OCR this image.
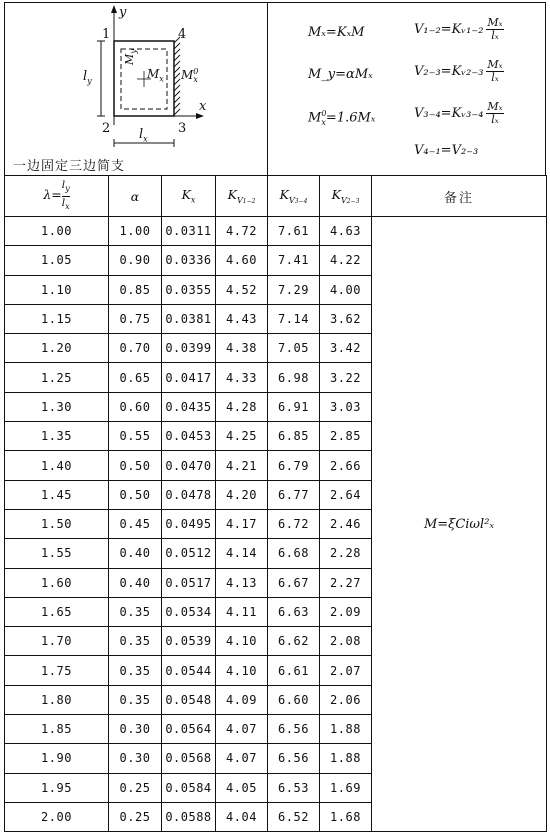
y
x
1	4
2	3
$l_y$
$l_x$
$M_y$
$M_x$ $M^0_x$
一边固定三边简支
Mₓ=KₓM
M_y=αMₓ
$M^0_x=1.6M_x$
V₁₋₂=Kᵥ₁₋₂ $\frac{\text{Mₓ}}{\text{lₓ}}$
V₂₋₃=Kᵥ₂₋₃ $\frac{\text{Mₓ}}{\text{lₓ}}$
V₃₋₄=Kᵥ₃₋₄ $\frac{\text{Mₓ}}{\text{lₓ}}$
V₄₋₁=V₂₋₃
$\lambda= \frac{l_y}{l_x}$	α	$K_x$	$K_{V1-2}$	$K_{V3-4}$	$K_{V2-3}$	备注
1.00	1.00	0.0311	4.72	7.61	4.63	M=ξCiωl²ₓ
1.05	0.90	0.0336	4.60	7.41	4.22	
1.10	0.85	0.0355	4.52	7.29	4.00	
1.15	0.75	0.0381	4.43	7.14	3.62	
1.20	0.70	0.0399	4.38	7.05	3.42	
1.25	0.65	0.0417	4.33	6.98	3.22	
1.30	0.60	0.0435	4.28	6.91	3.03	
1.35	0.55	0.0453	4.25	6.85	2.85	
1.40	0.50	0.0470	4.21	6.79	2.66	
1.45	0.50	0.0478	4.20	6.77	2.64	
1.50	0.45	0.0495	4.17	6.72	2.46	
1.55	0.40	0.0512	4.14	6.68	2.28	
1.60	0.40	0.0517	4.13	6.67	2.27	
1.65	0.35	0.0534	4.11	6.63	2.09	
1.70	0.35	0.0539	4.10	6.62	2.08	
1.75	0.35	0.0544	4.10	6.61	2.07	
1.80	0.35	0.0548	4.09	6.60	2.06	
1.85	0.30	0.0564	4.07	6.56	1.88	
1.90	0.30	0.0568	4.07	6.56	1.88	
1.95	0.25	0.0584	4.05	6.53	1.69	
2.00	0.25	0.0588	4.04	6.52	1.68	
